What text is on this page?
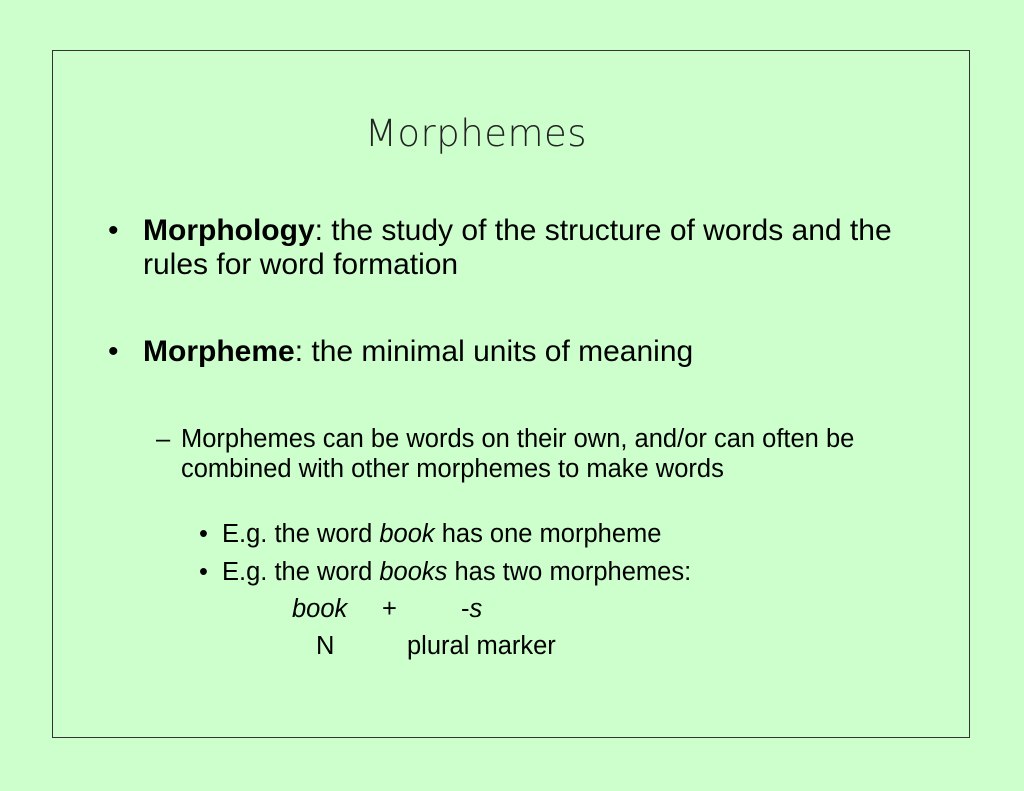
Morphemes
• Morphology: the study of the structure of words and the rules for word formation
• Morpheme: the minimal units of meaning
– Morphemes can be words on their own, and/or can often be combined with other morphemes to make words
• E.g. the word book has one morpheme
• E.g. the word books has two morphemes:
book +	-s
N	plural marker
